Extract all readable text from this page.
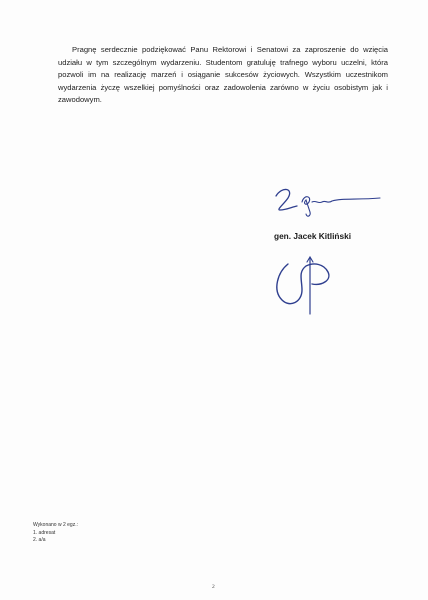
Pragnę serdecznie podziękować Panu Rektorowi i Senatowi za zaproszenie do wzięcia udziału w tym szczególnym wydarzeniu. Studentom gratuluję trafnego wyboru uczelni, która pozwoli im na realizację marzeń i osiąganie sukcesów życiowych. Wszystkim uczestnikom wydarzenia życzę wszelkiej pomyślności oraz zadowolenia zarówno w życiu osobistym jak i zawodowym.

gen. Jacek Kitliński
Wykonano w 2 egz.:
1. adresat
2. a/a
2
